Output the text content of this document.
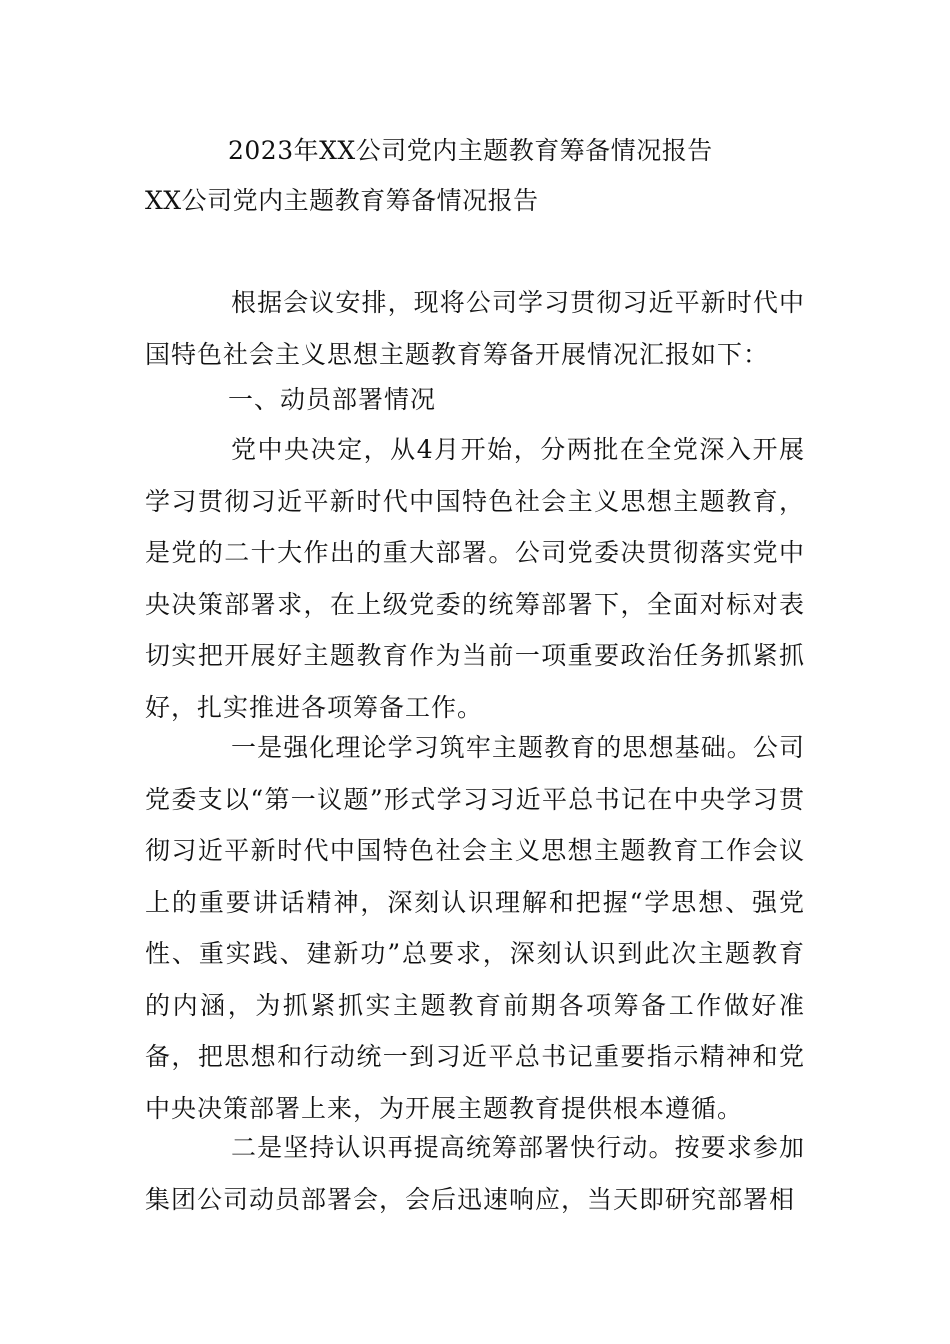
2023年XX公司党内主题教育筹备情况报告
XX公司党内主题教育筹备情况报告
根据会议安排，现将公司学习贯彻习近平新时代中国特色社会主义思想主题教育筹备开展情况汇报如下：
一、动员部署情况
党中央决定，从4月开始，分两批在全党深入开展学习贯彻习近平新时代中国特色社会主义思想主题教育，是党的二十大作出的重大部署。公司党委决贯彻落实党中央决策部署求，在上级党委的统筹部署下，全面对标对表切实把开展好主题教育作为当前一项重要政治任务抓紧抓好，扎实推进各项筹备工作。
一是强化理论学习筑牢主题教育的思想基础。公司党委支以“第一议题”形式学习习近平总书记在中央学习贯彻习近平新时代中国特色社会主义思想主题教育工作会议上的重要讲话精神，深刻认识理解和把握“学思想、强党性、重实践、建新功”总要求，深刻认识到此次主题教育的内涵，为抓紧抓实主题教育前期各项筹备工作做好准备，把思想和行动统一到习近平总书记重要指示精神和党中央决策部署上来，为开展主题教育提供根本遵循。
二是坚持认识再提高统筹部署快行动。按要求参加集团公司动员部署会，会后迅速响应，当天即研究部署相
